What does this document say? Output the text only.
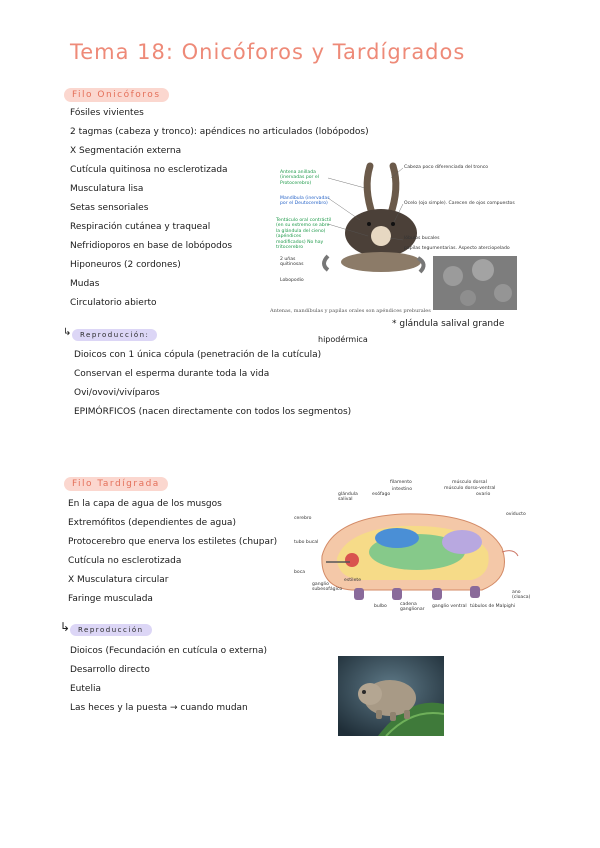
Tema 18: Onicóforos y Tardígrados
Filo Onicóforos
Fósiles vivientes
2 tagmas (cabeza y tronco): apéndices no articulados (lobópodos)
X Segmentación externa
Cutícula quitinosa no esclerotizada
Musculatura lisa
Setas sensoriales
Respiración cutánea y traqueal
Nefridioporos en base de lobópodos
Hiponeuros (2 cordones)
Mudas
Circulatorio abierto
Antena anillada (inervadas por el Protocerebro)
Mandíbula (inervadas por el Deutocerebro)
Tentáculo oral contráctil (en su extremo se abre la glándula del cieno) (apéndices modificados) No hay tritocerebro
2 uñas quitinosas
Lobopodio
Cabeza poco diferenciada del tronco
Ocelo (ojo simple). Carecen de ojos compuestos
lóbulos bucales
papilas tegumentarias. Aspecto aterciopelado
Antenas, mandíbulas y papilas orales son apéndices preburales
* glándula salival grande
↳	Reproducción:	hipodérmica
Dioicos con 1 única cópula (penetración de la cutícula)
Conservan el esperma durante toda la vida
Ovi/ovovi/vivíparos
EPIMÓRFICOS (nacen directamente con todos los segmentos)
Filo Tardígrada
En la capa de agua de los musgos
Extremófitos (dependientes de agua)
Protocerebro que enerva los estiletes (chupar)
Cutícula no esclerotizada
X Musculatura circular
Faringe musculada
filamento
intestino
músculo dorsal
músculo dorso-ventral
glándula salival
esófago	ovario
oviducto
cerebro
tubo bucal
boca
ganglio subesofágico
estilete
bulbo	cadena ganglionar
ganglio ventral túbulos de Malpighi
ano (cloaca)
↳	Reproducción
Dioicos (Fecundación en cutícula o externa)
Desarrollo directo
Eutelia
Las heces y la puesta → cuando mudan
